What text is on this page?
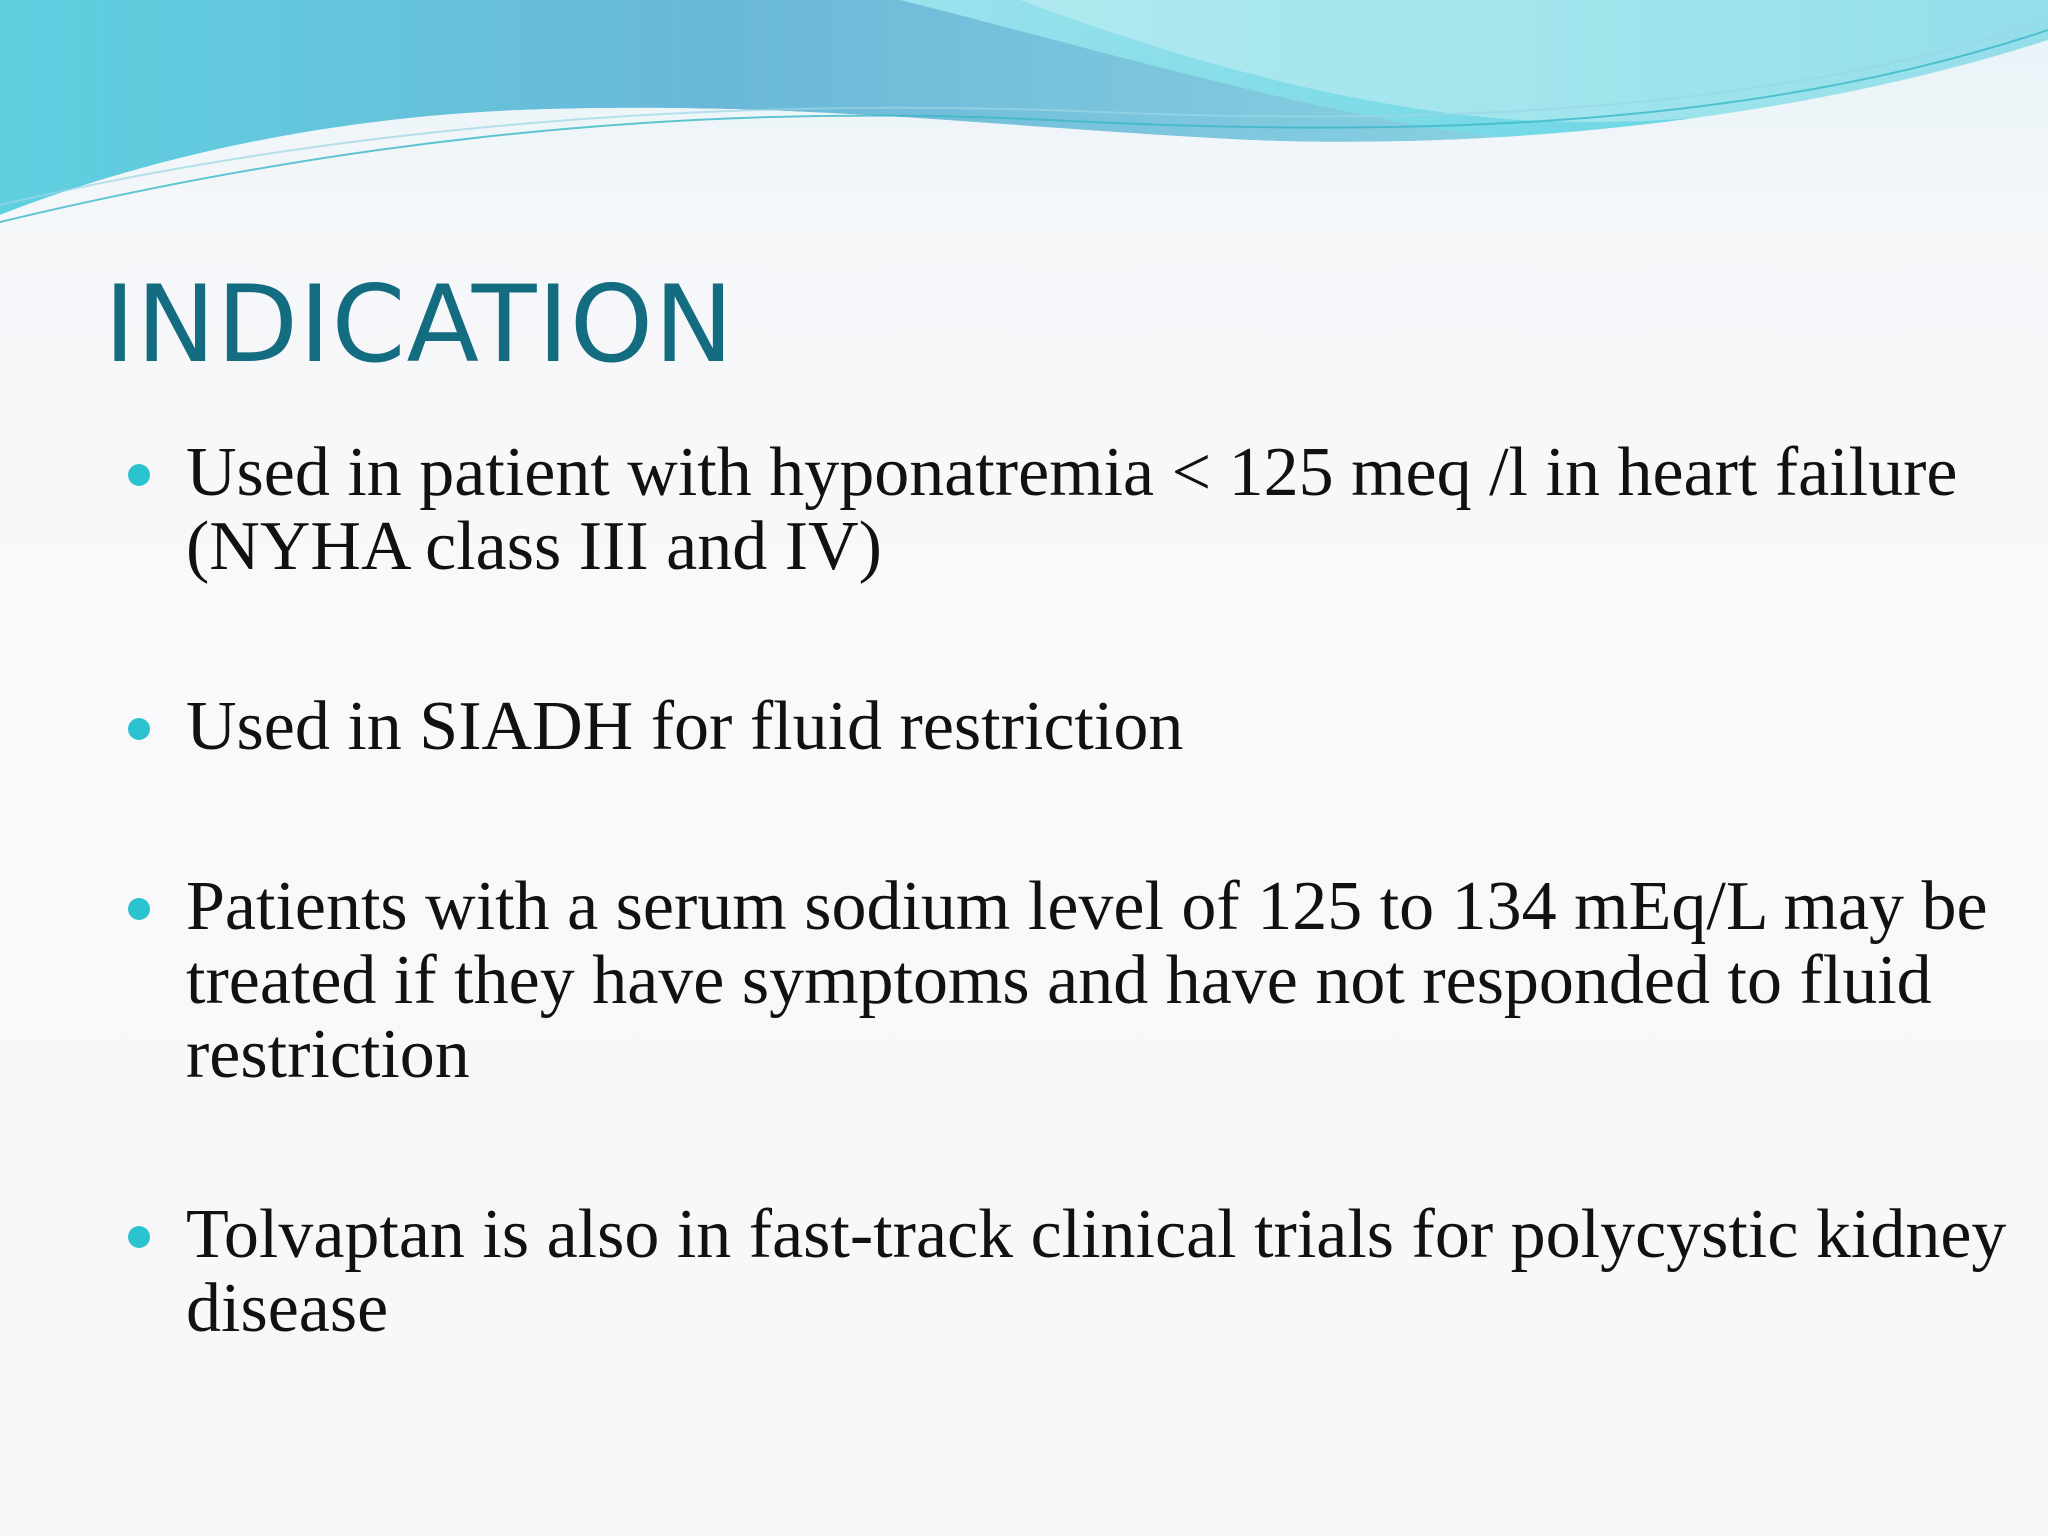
INDICATION
Used in patient with hyponatremia < 125 meq /l in heart failure (NYHA class III and IV)
Used in SIADH for fluid restriction
Patients with a serum sodium level of 125 to 134 mEq/L may be treated if they have symptoms and have not responded to fluid restriction
Tolvaptan is also in fast-track clinical trials for polycystic kidney disease
